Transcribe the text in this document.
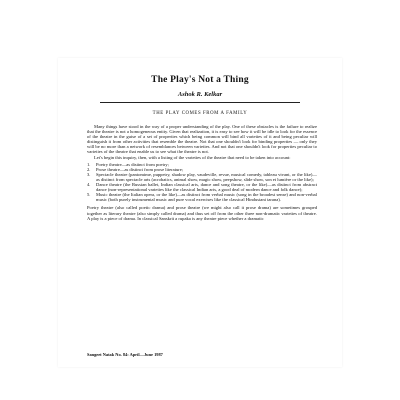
The Play's Not a Thing
Ashok R. Kelkar
THE PLAY COMES FROM A FAMILY

Many things have stood in the way of a proper understanding of the play. One of these obstacles is the failure to realize that the theatre is not a homogeneous entity. Given that realization, it is easy to see how it will be idle to look for the essence of the theatre in the guise of a set of properties which being common will bind all varieties of it and being peculiar will distinguish it from other activities that resemble the theatre. Not that one shouldn't look for binding properties — only they will be no more than a network of resemblances between varieties. And not that one shouldn't look for properties peculiar to varieties of the theatre that enable us to see what the theatre is not.

Let's begin this inquiry, then, with a listing of the varieties of the theatre that need to be taken into account:

1. Poetry theatre—as distinct from poetry;
2. Prose theatre—as distinct from prose literature;
3. Spectacle theatre (pantomime, puppetry, shadow play, vaudeville, revue, musical comedy, tableau vivant, or the like)—as distinct from spectacle arts (acrobatics, animal show, magic show, peepshow, slide show, son et lumière or the like);
4. Dance theatre (the Russian ballet, Indian classical arts, dance and song theatre, or the like)—as distinct from abstract dance (non-representational varieties like the classical Indian arts, a good deal of modern dance and folk dance);
5. Music theatre (the Italian opera, or the like)—as distinct from verbal music (song in the broadest sense) and non-verbal music (both purely instrumental music and pure vocal exercises like the classical Hindustani tarana).

Poetry theatre (also called poetic drama) and prose theatre (we might also call it prose drama) are sometimes grouped together as literary theatre (also simply called drama) and thus set off from the other three non-dramatic varieties of theatre. A play is a piece of drama. In classical Sanskrit a rupaka is any theatre piece whether a dramatic

Sangeet Natak No. 84: April—June 1987
